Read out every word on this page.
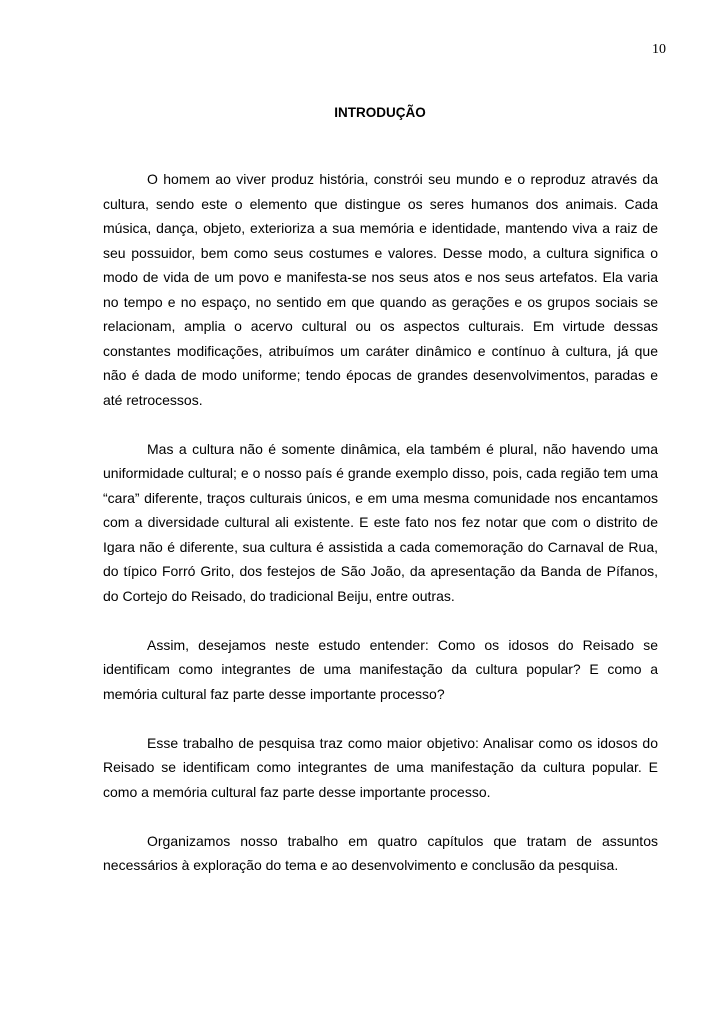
10
INTRODUÇÃO

O homem ao viver produz história, constrói seu mundo e o reproduz através da cultura, sendo este o elemento que distingue os seres humanos dos animais. Cada música, dança, objeto, exterioriza a sua memória e identidade, mantendo viva a raiz de seu possuidor, bem como seus costumes e valores. Desse modo, a cultura significa o modo de vida de um povo e manifesta-se nos seus atos e nos seus artefatos. Ela varia no tempo e no espaço, no sentido em que quando as gerações e os grupos sociais se relacionam, amplia o acervo cultural ou os aspectos culturais. Em virtude dessas constantes modificações, atribuímos um caráter dinâmico e contínuo à cultura, já que não é dada de modo uniforme; tendo épocas de grandes desenvolvimentos, paradas e até retrocessos.

Mas a cultura não é somente dinâmica, ela também é plural, não havendo uma uniformidade cultural; e o nosso país é grande exemplo disso, pois, cada região tem uma “cara” diferente, traços culturais únicos, e em uma mesma comunidade nos encantamos com a diversidade cultural ali existente. E este fato nos fez notar que com o distrito de Igara não é diferente, sua cultura é assistida a cada comemoração do Carnaval de Rua, do típico Forró Grito, dos festejos de São João, da apresentação da Banda de Pífanos, do Cortejo do Reisado, do tradicional Beiju, entre outras.

Assim, desejamos neste estudo entender: Como os idosos do Reisado se identificam como integrantes de uma manifestação da cultura popular? E como a memória cultural faz parte desse importante processo?

Esse trabalho de pesquisa traz como maior objetivo: Analisar como os idosos do Reisado se identificam como integrantes de uma manifestação da cultura popular. E como a memória cultural faz parte desse importante processo.

Organizamos nosso trabalho em quatro capítulos que tratam de assuntos necessários à exploração do tema e ao desenvolvimento e conclusão da pesquisa.
